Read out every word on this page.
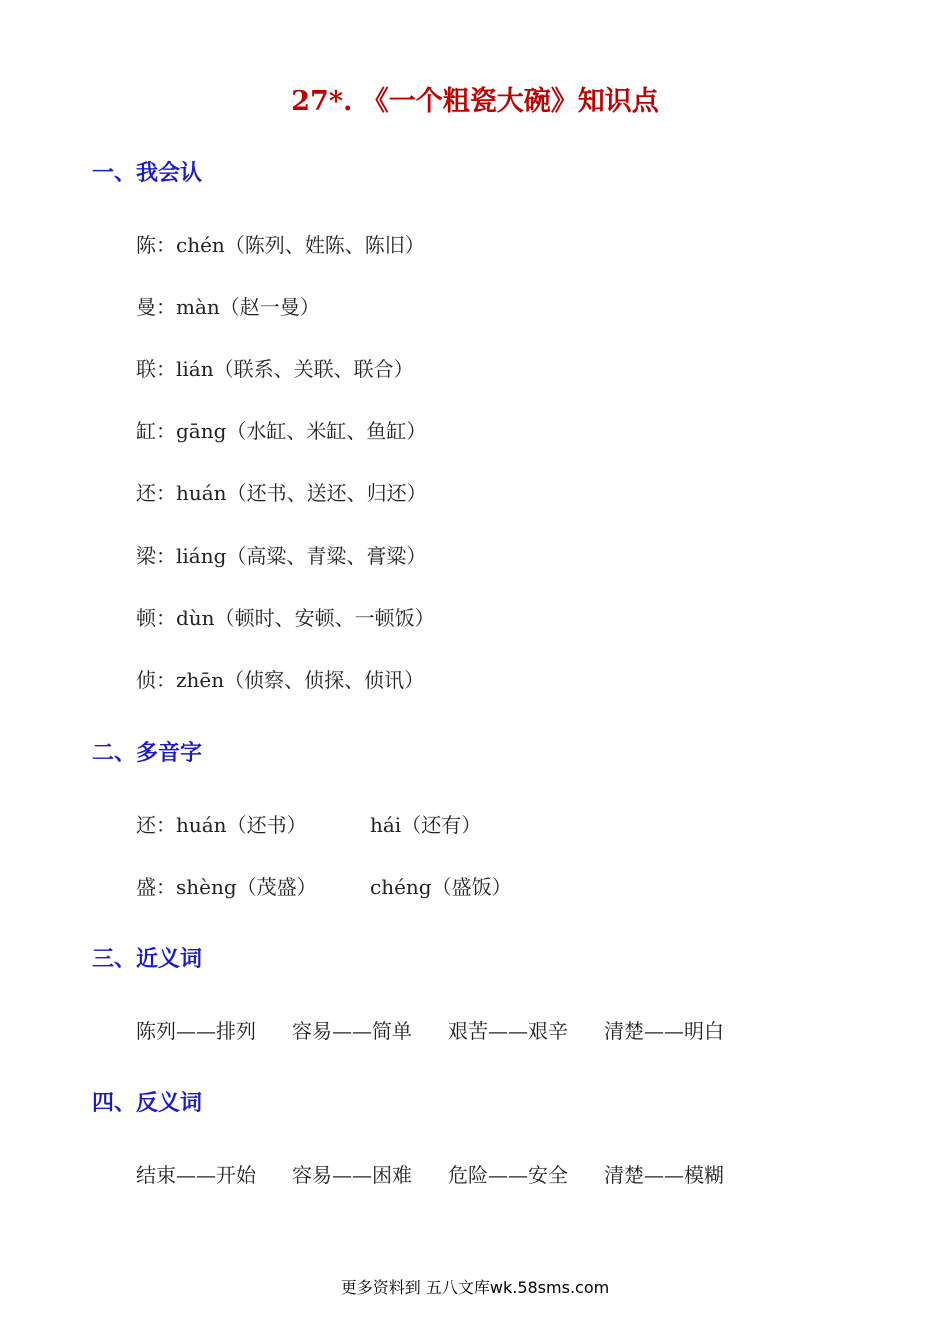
27*. 《一个粗瓷大碗》知识点
一、我会认
陈：chén（陈列、姓陈、陈旧）
曼：màn（赵一曼）
联：lián（联系、关联、联合）
缸：gāng（水缸、米缸、鱼缸）
还：huán（还书、送还、归还）
梁：liáng（高粱、青粱、膏粱）
顿：dùn（顿时、安顿、一顿饭）
侦：zhēn（侦察、侦探、侦讯）
二、多音字
还：huán（还书）	hái（还有）
盛：shèng（茂盛）	chéng（盛饭）
三、近义词
陈列——排列 容易——简单 艰苦——艰辛 清楚——明白
四、反义词
结束——开始 容易——困难 危险——安全 清楚——模糊
更多资料到 五八文库wk.58sms.com
